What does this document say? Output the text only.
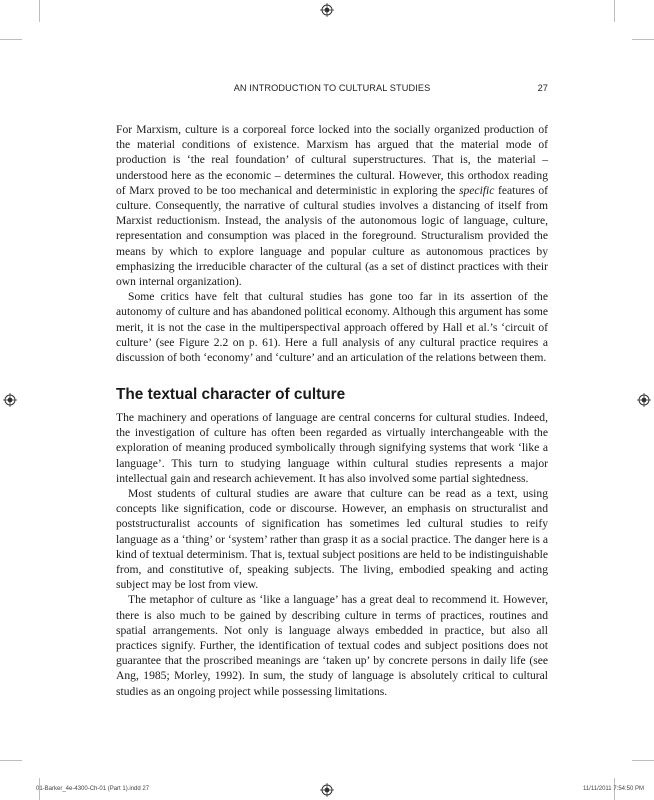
AN INTRODUCTION TO CULTURAL STUDIES	27

For Marxism, culture is a corporeal force locked into the socially organized production of the material conditions of existence. Marxism has argued that the material mode of production is ‘the real foundation’ of cultural superstructures. That is, the material – understood here as the economic – determines the cultural. However, this orthodox reading of Marx proved to be too mechanical and deterministic in exploring the specific features of culture. Consequently, the narrative of cultural studies involves a distancing of itself from Marxist reductionism. Instead, the analysis of the autonomous logic of language, culture, representation and consumption was placed in the foreground. Structuralism provided the means by which to explore language and popular culture as autonomous practices by emphasizing the irreducible character of the cultural (as a set of distinct practices with their own internal organization).

Some critics have felt that cultural studies has gone too far in its assertion of the autonomy of culture and has abandoned political economy. Although this argument has some merit, it is not the case in the multiperspectival approach offered by Hall et al.’s ‘circuit of culture’ (see Figure 2.2 on p. 61). Here a full analysis of any cultural practice requires a discussion of both ‘economy’ and ‘culture’ and an articulation of the relations between them.

The textual character of culture

The machinery and operations of language are central concerns for cultural studies. Indeed, the investigation of culture has often been regarded as virtually interchangeable with the exploration of meaning produced symbolically through signifying systems that work ‘like a language’. This turn to studying language within cultural studies represents a major intellectual gain and research achievement. It has also involved some partial sightedness.

Most students of cultural studies are aware that culture can be read as a text, using concepts like signification, code or discourse. However, an emphasis on structuralist and poststructuralist accounts of signification has sometimes led cultural studies to reify language as a ‘thing’ or ‘system’ rather than grasp it as a social practice. The danger here is a kind of textual determinism. That is, textual subject positions are held to be indistinguishable from, and constitutive of, speaking subjects. The living, embodied speaking and acting subject may be lost from view.

The metaphor of culture as ‘like a language’ has a great deal to recommend it. However, there is also much to be gained by describing culture in terms of practices, routines and spatial arrangements. Not only is language always embedded in practice, but also all practices signify. Further, the identification of textual codes and subject positions does not guarantee that the proscribed meanings are ‘taken up’ by concrete persons in daily life (see Ang, 1985; Morley, 1992). In sum, the study of language is absolutely critical to cultural studies as an ongoing project while possessing limitations.

01-Barker_4e-4300-Ch-01 (Part 1).indd 27	11/11/2011 7:54:50 PM
